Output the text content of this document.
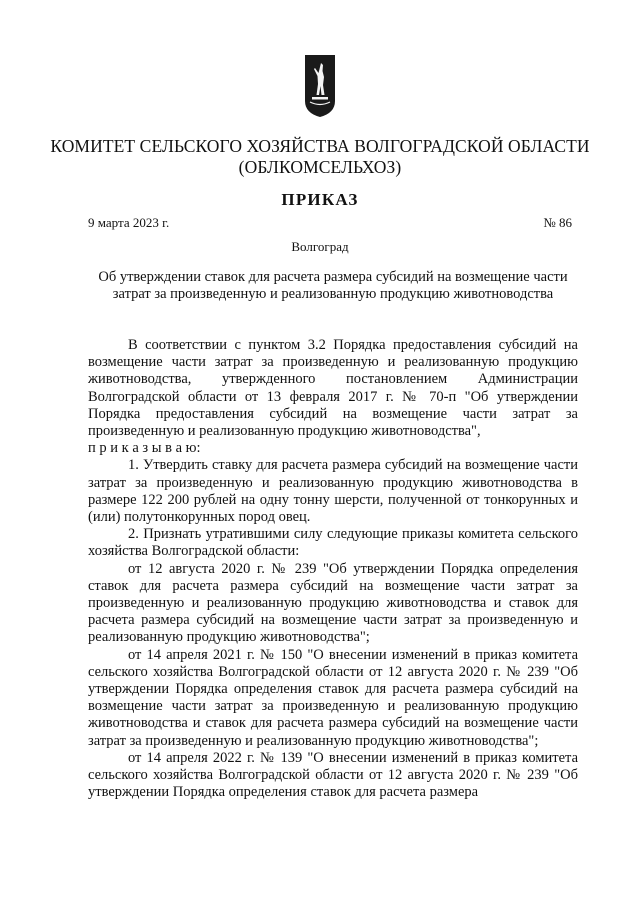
КОМИТЕТ СЕЛЬСКОГО ХОЗЯЙСТВА ВОЛГОГРАДСКОЙ ОБЛАСТИ
(ОБЛКОМСЕЛЬХОЗ)
ПРИКАЗ
9 марта 2023 г.	№ 86
Волгоград
Об утверждении ставок для расчета размера субсидий на возмещение части затрат за произведенную и реализованную продукцию животноводства

В соответствии с пунктом 3.2 Порядка предоставления субсидий на возмещение части затрат за произведенную и реализованную продукцию животноводства, утвержденного постановлением Администрации Волгоградской области от 13 февраля 2017 г. № 70-п "Об утверждении Порядка предоставления субсидий на возмещение части затрат за произведенную и реализованную продукцию животноводства",

п р и к а з ы в а ю:

1. Утвердить ставку для расчета размера субсидий на возмещение части затрат за произведенную и реализованную продукцию животноводства в размере 122 200 рублей на одну тонну шерсти, полученной от тонкорунных и (или) полутонкорунных пород овец.

2. Признать утратившими силу следующие приказы комитета сельского хозяйства Волгоградской области:

от 12 августа 2020 г. № 239 "Об утверждении Порядка определения ставок для расчета размера субсидий на возмещение части затрат за произведенную и реализованную продукцию животноводства и ставок для расчета размера субсидий на возмещение части затрат за произведенную и реализованную продукцию животноводства";

от 14 апреля 2021 г. № 150 "О внесении изменений в приказ комитета сельского хозяйства Волгоградской области от 12 августа 2020 г. № 239 "Об утверждении Порядка определения ставок для расчета размера субсидий на возмещение части затрат за произведенную и реализованную продукцию животноводства и ставок для расчета размера субсидий на возмещение части затрат за произведенную и реализованную продукцию животноводства";

от 14 апреля 2022 г. № 139 "О внесении изменений в приказ комитета сельского хозяйства Волгоградской области от 12 августа 2020 г. № 239 "Об утверждении Порядка определения ставок для расчета размера
